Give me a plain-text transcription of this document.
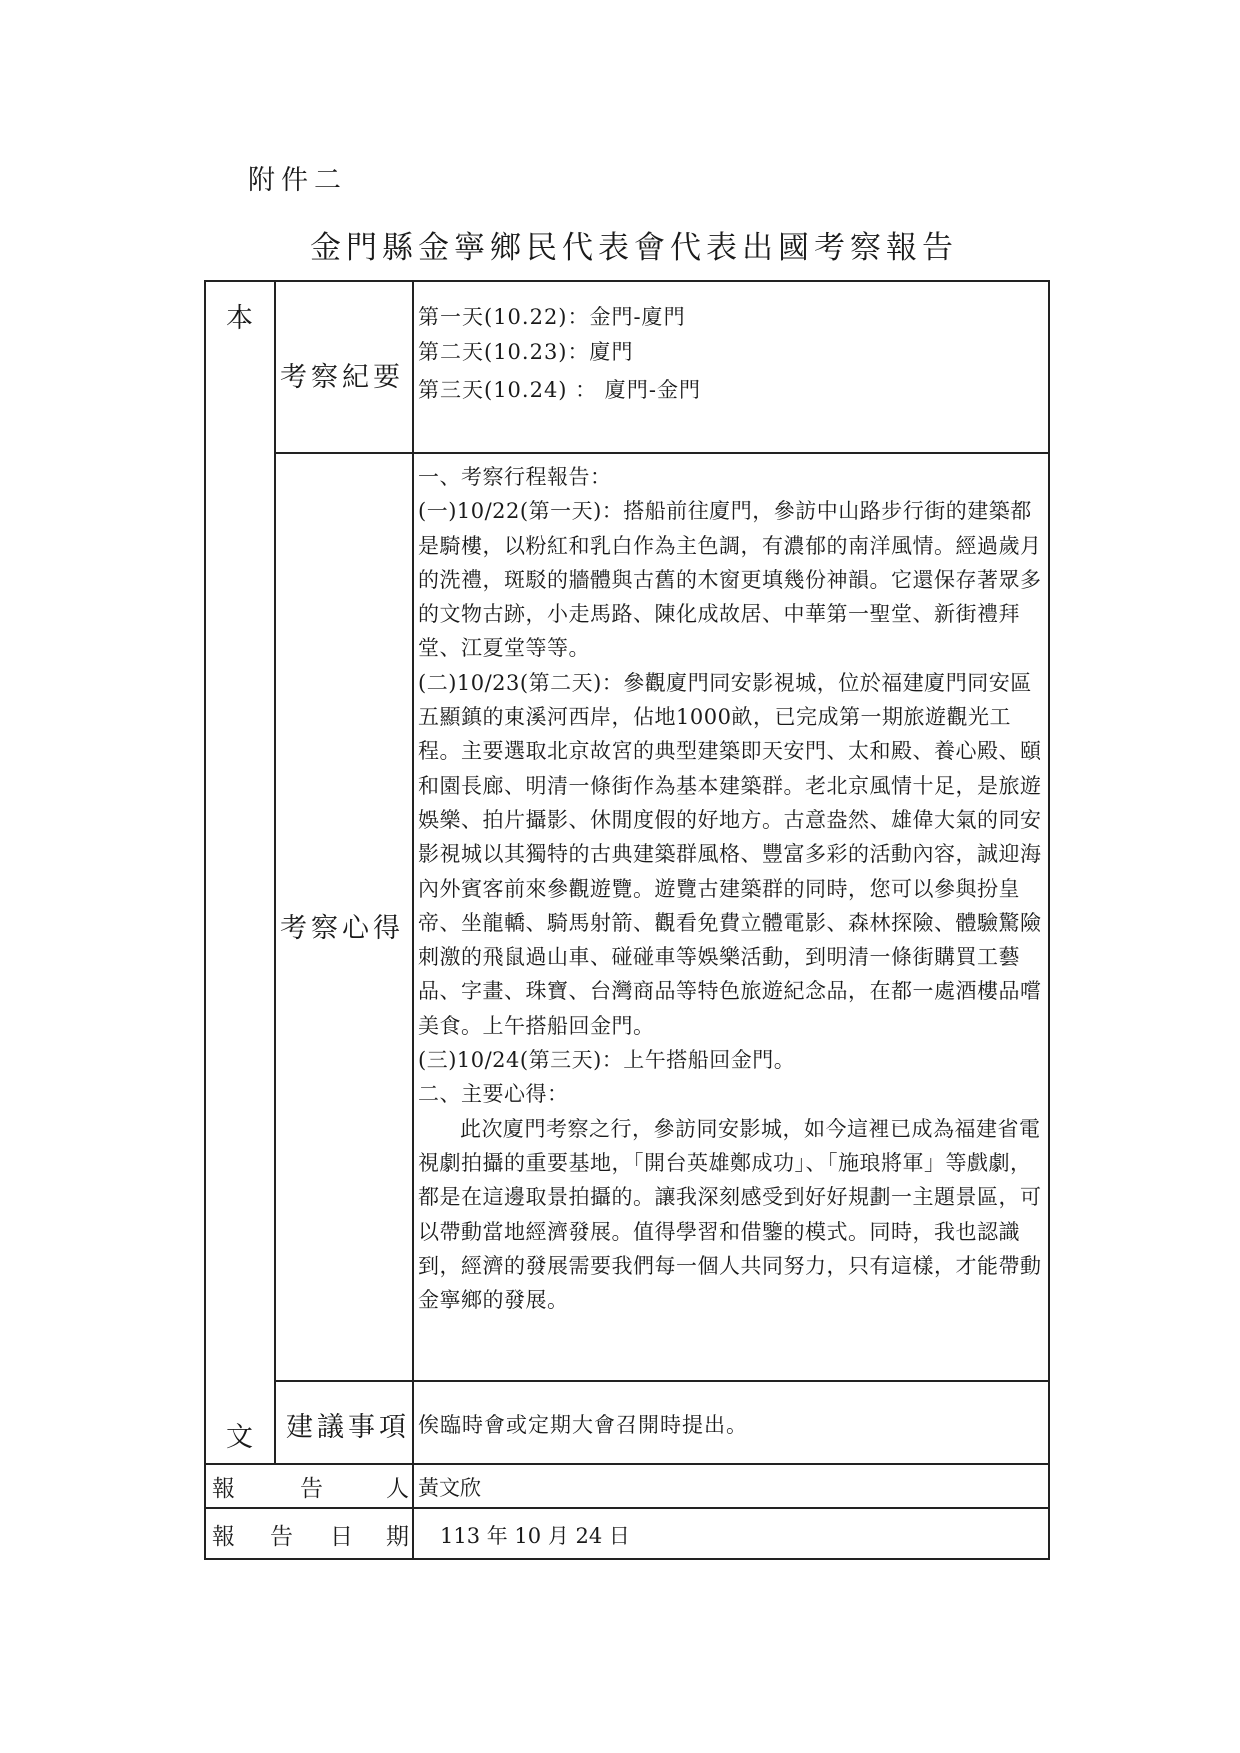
附件二
金門縣金寧鄉民代表會代表出國考察報告
本
文
考察紀要
第一天(10.22)：金門-廈門
第二天(10.23)：廈門
第三天(10.24) ： 廈門-金門
考察心得

一、考察行程報告：

(一)10/22(第一天)：搭船前往廈門，參訪中山路步行街的建築都是騎樓，以粉紅和乳白作為主色調，有濃郁的南洋風情。經過歲月的洗禮，斑駁的牆體與古舊的木窗更填幾份神韻。它還保存著眾多的文物古跡，小走馬路、陳化成故居、中華第一聖堂、新街禮拜堂、江夏堂等等。

(二)10/23(第二天)：參觀廈門同安影視城，位於福建廈門同安區五顯鎮的東溪河西岸，佔地1000畝，已完成第一期旅遊觀光工程。主要選取北京故宮的典型建築即天安門、太和殿、養心殿、頤和園長廊、明清一條街作為基本建築群。老北京風情十足，是旅遊娛樂、拍片攝影、休閒度假的好地方。古意盎然、雄偉大氣的同安影視城以其獨特的古典建築群風格、豐富多彩的活動內容，誠迎海內外賓客前來參觀遊覽。遊覽古建築群的同時，您可以參與扮皇帝、坐龍轎、騎馬射箭、觀看免費立體電影、森林探險、體驗驚險刺激的飛鼠過山車、碰碰車等娛樂活動，到明清一條街購買工藝品、字畫、珠寶、台灣商品等特色旅遊紀念品，在都一處酒樓品嚐美食。上午搭船回金門。

(三)10/24(第三天)：上午搭船回金門。

二、主要心得：

此次廈門考察之行，參訪同安影城，如今這裡已成為福建省電視劇拍攝的重要基地，「開台英雄鄭成功」、「施琅將軍」等戲劇，都是在這邊取景拍攝的。讓我深刻感受到好好規劃一主題景區，可以帶動當地經濟發展。值得學習和借鑒的模式。同時，我也認識到，經濟的發展需要我們每一個人共同努力，只有這樣，才能帶動金寧鄉的發展。

建議事項 俟臨時會或定期大會召開時提出。
報	告	人 黃文欣
報 告 日 期 113 年 10 月 24 日
